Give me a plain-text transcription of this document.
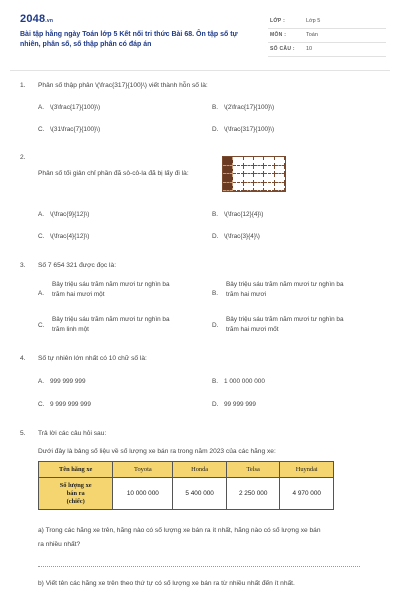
2048.vn
Bài tập hằng ngày Toán lớp 5 Kết nối tri thức Bài 68. Ôn tập số tự nhiên, phân số, số thập phân có đáp án
LỚP :	Lớp 5
MÔN :	Toán
SỐ CÂU : 10
1. Phân số thập phân \(\frac{317}{100}\) viết thành hỗn số là:
A. \(3\frac{17}{100}\)	B. \(2\frac{17}{100}\)
C. \(31\frac{7}{100}\)	D. \(\frac{317}{100}\)
2.
Phân số tối giản chỉ phần đã sô-cô-la đã bị lấy đi là:
A. \(\frac{9}{12}\)	B. \(\frac{12}{4}\)
C. \(\frac{4}{12}\)	D. \(\frac{3}{4}\)
3. Số 7 654 321 được đọc là:
A.
Bảy triệu sáu trăm năm mươi tư nghìn ba
trăm hai mươi một	B.
Bảy triệu sáu trăm năm mươi tư nghìn ba
trăm hai mươi
C.
Bảy triệu sáu trăm năm mươi tư nghìn ba
trăm linh một
D.
Bảy triệu sáu trăm năm mươi tư nghìn ba
trăm hai mươi mốt
4. Số tự nhiên lớn nhất có 10 chữ số là:
A. 999 999 999	B. 1 000 000 000
C. 9 999 999 999	D. 99 999 999
5. Trả lời các câu hỏi sau:
Dưới đây là bảng số liệu về số lượng xe bán ra trong năm 2023 của các hãng xe:
Tên hãng xe	Toyota	Honda	Telsa	Huyndai

Số lượng xe
bán ra
(chiếc)	10 000 000	5 400 000	2 250 000	4 970 000
a) Trong các hãng xe trên, hãng nào có số lượng xe bán ra ít nhất, hãng nào có số lượng xe bán
ra nhiều nhất?
b) Viết tên các hãng xe trên theo thứ tự có số lượng xe bán ra từ nhiều nhất đến ít nhất.
